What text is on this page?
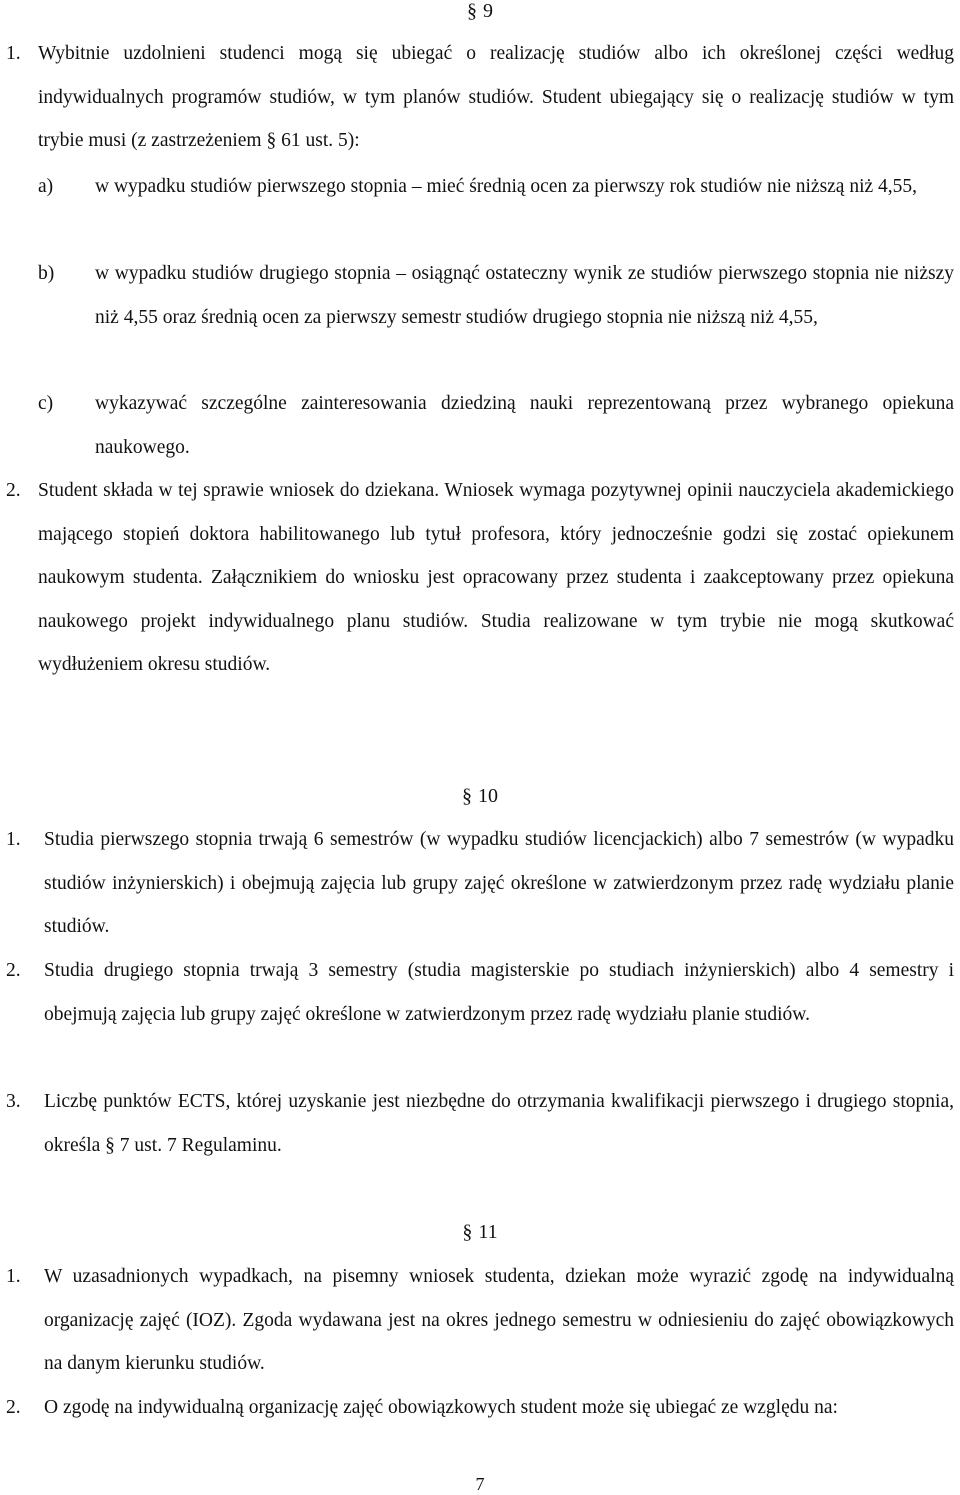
§ 9
1. Wybitnie uzdolnieni studenci mogą się ubiegać o realizację studiów albo ich określonej części według indywidualnych programów studiów, w tym planów studiów. Student ubiegający się o realizację studiów w tym trybie musi (z zastrzeżeniem § 61 ust. 5):
a) w wypadku studiów pierwszego stopnia – mieć średnią ocen za pierwszy rok studiów nie niższą niż 4,55,
b) w wypadku studiów drugiego stopnia – osiągnąć ostateczny wynik ze studiów pierwszego stopnia nie niższy niż 4,55 oraz średnią ocen za pierwszy semestr studiów drugiego stopnia nie niższą niż 4,55,
c) wykazywać szczególne zainteresowania dziedziną nauki reprezentowaną przez wybranego opiekuna naukowego.
2. Student składa w tej sprawie wniosek do dziekana. Wniosek wymaga pozytywnej opinii nauczyciela akademickiego mającego stopień doktora habilitowanego lub tytuł profesora, który jednocześnie godzi się zostać opiekunem naukowym studenta. Załącznikiem do wniosku jest opracowany przez studenta i zaakceptowany przez opiekuna naukowego projekt indywidualnego planu studiów. Studia realizowane w tym trybie nie mogą skutkować wydłużeniem okresu studiów.
§ 10
1. Studia pierwszego stopnia trwają 6 semestrów (w wypadku studiów licencjackich) albo 7 semestrów (w wypadku studiów inżynierskich) i obejmują zajęcia lub grupy zajęć określone w zatwierdzonym przez radę wydziału planie studiów.
2. Studia drugiego stopnia trwają 3 semestry (studia magisterskie po studiach inżynierskich) albo 4 semestry i obejmują zajęcia lub grupy zajęć określone w zatwierdzonym przez radę wydziału planie studiów.
3. Liczbę punktów ECTS, której uzyskanie jest niezbędne do otrzymania kwalifikacji pierwszego i drugiego stopnia, określa § 7 ust. 7 Regulaminu.
§ 11
1. W uzasadnionych wypadkach, na pisemny wniosek studenta, dziekan może wyrazić zgodę na indywidualną organizację zajęć (IOZ). Zgoda wydawana jest na okres jednego semestru w odniesieniu do zajęć obowiązkowych na danym kierunku studiów.
2. O zgodę na indywidualną organizację zajęć obowiązkowych student może się ubiegać ze względu na:
7
